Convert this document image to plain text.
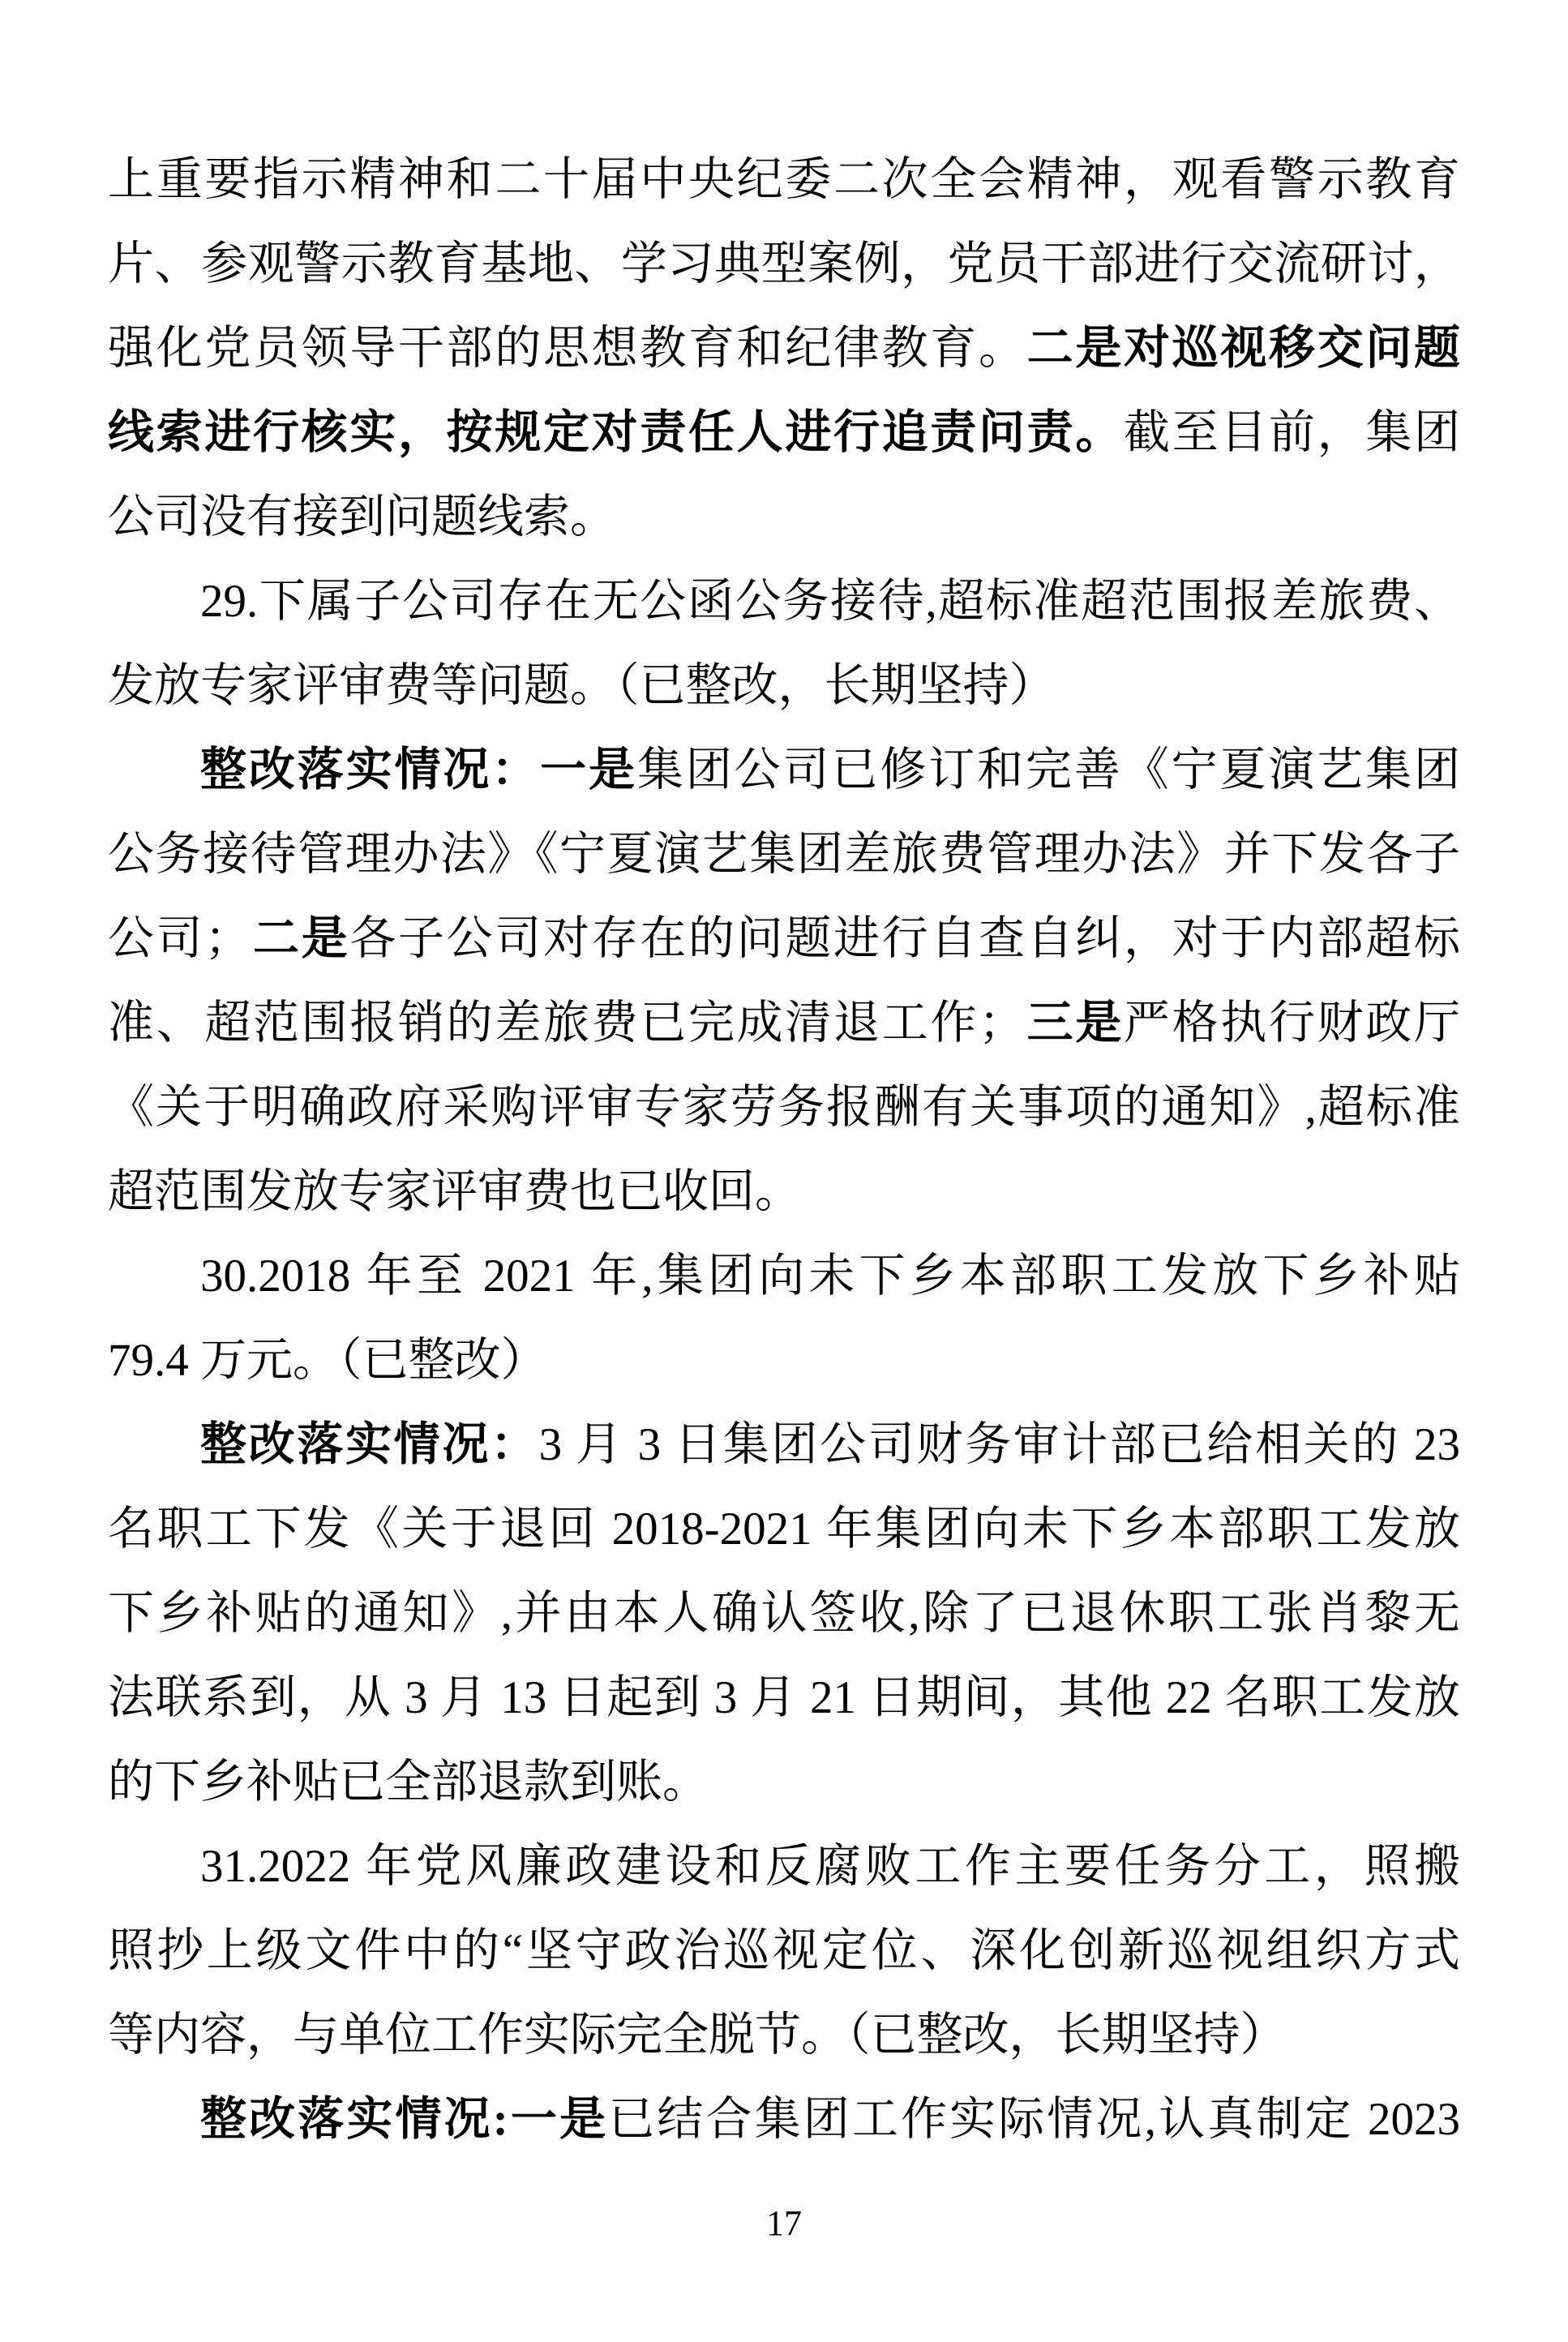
上重要指示精神和二十届中央纪委二次全会精神，观看警示教育
片、参观警示教育基地、学习典型案例，党员干部进行交流研讨，
强化党员领导干部的思想教育和纪律教育。二是对巡视移交问题
线索进行核实，按规定对责任人进行追责问责。截至目前，集团
公司没有接到问题线索。
29.下属子公司存在无公函公务接待,超标准超范围报差旅费、
发放专家评审费等问题。（已整改，长期坚持）
整改落实情况：一是集团公司已修订和完善《宁夏演艺集团
公务接待管理办法》《宁夏演艺集团差旅费管理办法》并下发各子
公司；二是各子公司对存在的问题进行自查自纠，对于内部超标
准、超范围报销的差旅费已完成清退工作；三是严格执行财政厅
《关于明确政府采购评审专家劳务报酬有关事项的通知》,超标准
超范围发放专家评审费也已收回。
30.2018 年至 2021 年,集团向未下乡本部职工发放下乡补贴
79.4 万元。（已整改）
整改落实情况：3 月 3 日集团公司财务审计部已给相关的 23
名职工下发《关于退回 2018-2021 年集团向未下乡本部职工发放
下乡补贴的通知》,并由本人确认签收,除了已退休职工张肖黎无
法联系到，从 3 月 13 日起到 3 月 21 日期间，其他 22 名职工发放
的下乡补贴已全部退款到账。
31.2022 年党风廉政建设和反腐败工作主要任务分工，照搬
照抄上级文件中的“坚守政治巡视定位、深化创新巡视组织方式
等内容，与单位工作实际完全脱节。（已整改，长期坚持）
整改落实情况:一是已结合集团工作实际情况,认真制定 2023
17
